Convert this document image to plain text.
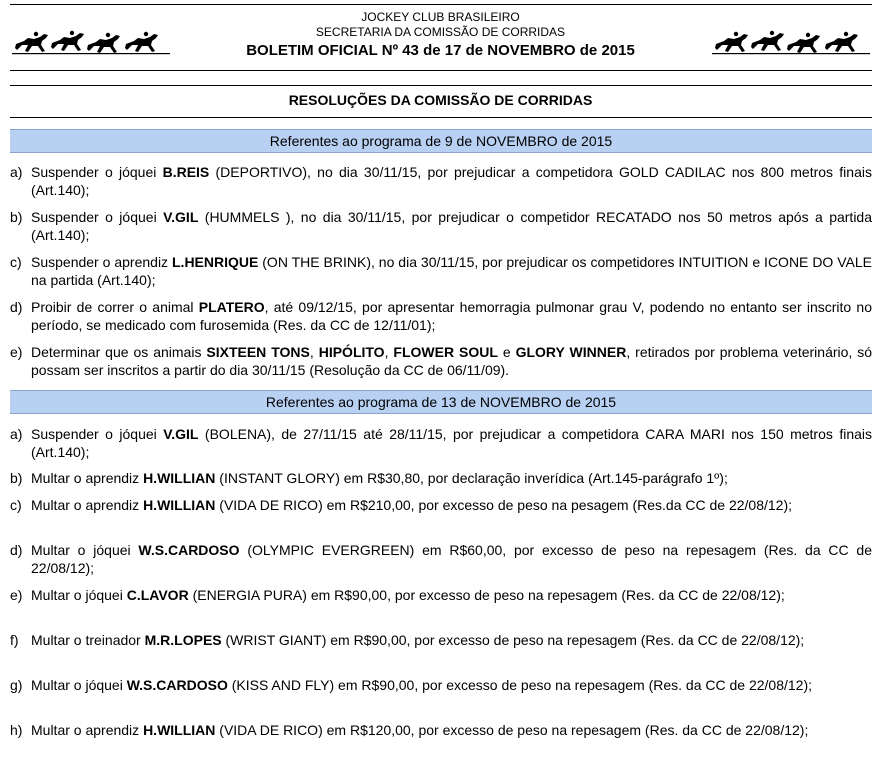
JOCKEY CLUB BRASILEIRO
SECRETARIA DA COMISSÃO DE CORRIDAS
BOLETIM OFICIAL Nº 43 de 17 de NOVEMBRO de 2015
RESOLUÇÕES DA COMISSÃO DE CORRIDAS
Referentes ao programa de 9 de NOVEMBRO de 2015
a) Suspender o jóquei B.REIS (DEPORTIVO), no dia 30/11/15, por prejudicar a competidora GOLD CADILAC nos 800 metros finais (Art.140);
b) Suspender o jóquei V.GIL (HUMMELS ), no dia 30/11/15, por prejudicar o competidor RECATADO nos 50 metros após a partida (Art.140);
c) Suspender o aprendiz L.HENRIQUE (ON THE BRINK), no dia 30/11/15, por prejudicar os competidores INTUITION e ICONE DO VALE na partida (Art.140);
d) Proibir de correr o animal PLATERO, até 09/12/15, por apresentar hemorragia pulmonar grau V, podendo no entanto ser inscrito no período, se medicado com furosemida (Res. da CC de 12/11/01);
e) Determinar que os animais SIXTEEN TONS, HIPÓLITO, FLOWER SOUL e GLORY WINNER, retirados por problema veterinário, só possam ser inscritos a partir do dia 30/11/15 (Resolução da CC de 06/11/09).
Referentes ao programa de 13 de NOVEMBRO de 2015
a) Suspender o jóquei V.GIL (BOLENA), de 27/11/15 até 28/11/15, por prejudicar a competidora CARA MARI nos 150 metros finais (Art.140);
b) Multar o aprendiz H.WILLIAN (INSTANT GLORY) em R$30,80, por declaração inverídica (Art.145-parágrafo 1º);
c) Multar o aprendiz H.WILLIAN (VIDA DE RICO) em R$210,00, por excesso de peso na pesagem (Res.da CC de 22/08/12);
d) Multar o jóquei W.S.CARDOSO (OLYMPIC EVERGREEN) em R$60,00, por excesso de peso na repesagem (Res. da CC de 22/08/12);
e) Multar o jóquei C.LAVOR (ENERGIA PURA) em R$90,00, por excesso de peso na repesagem (Res. da CC de 22/08/12);
f) Multar o treinador M.R.LOPES (WRIST GIANT) em R$90,00, por excesso de peso na repesagem (Res. da CC de 22/08/12);
g) Multar o jóquei W.S.CARDOSO (KISS AND FLY) em R$90,00, por excesso de peso na repesagem (Res. da CC de 22/08/12);
h) Multar o aprendiz H.WILLIAN (VIDA DE RICO) em R$120,00, por excesso de peso na repesagem (Res. da CC de 22/08/12);
